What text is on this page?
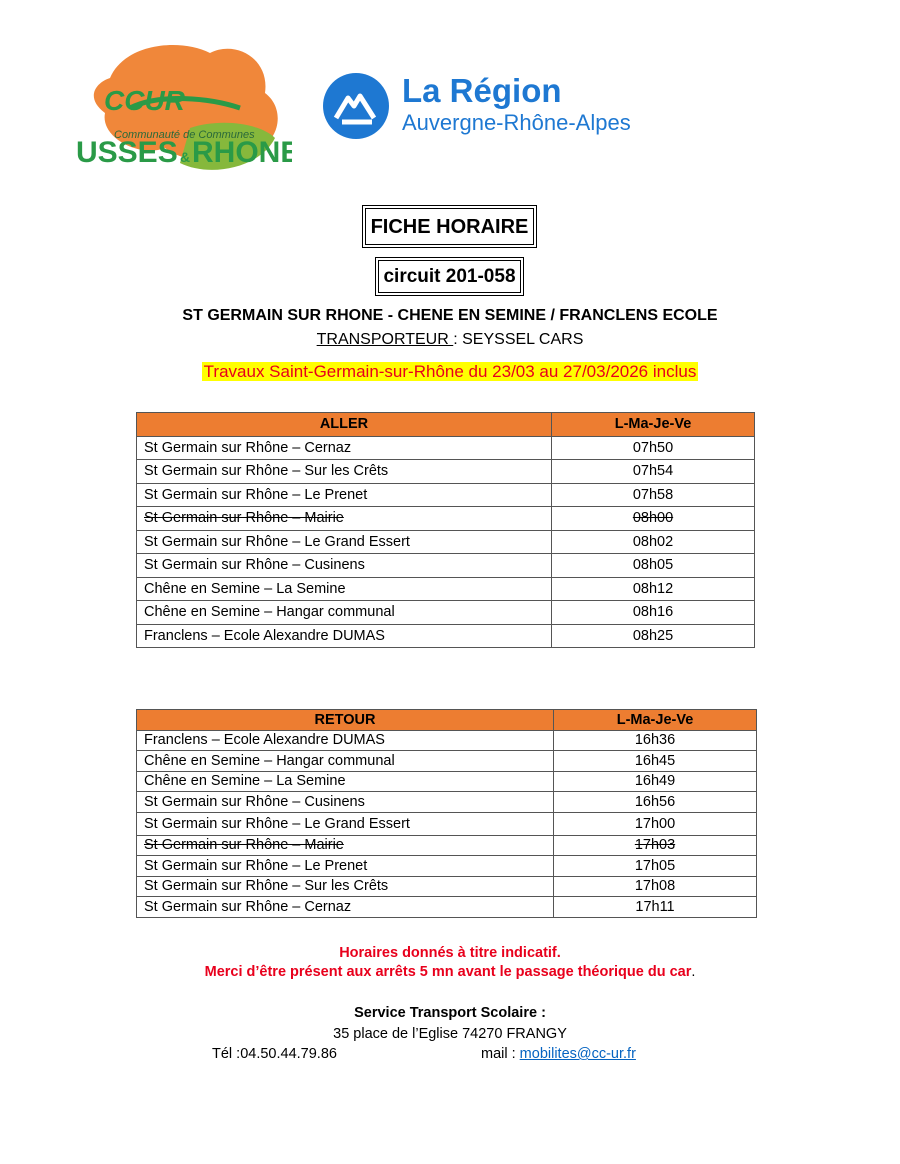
CCUR
Communauté de Communes
USSES & RHONE
La Région
Auvergne-Rhône-Alpes
FICHE HORAIRE
circuit 201-058
ST GERMAIN SUR RHONE - CHENE EN SEMINE / FRANCLENS ECOLE
TRANSPORTEUR : SEYSSEL CARS
Travaux Saint-Germain-sur-Rhône du 23/03 au 27/03/2026 inclus
ALLER	L-Ma-Je-Ve
St Germain sur Rhône – Cernaz	07h50
St Germain sur Rhône – Sur les Crêts	07h54
St Germain sur Rhône – Le Prenet	07h58
St Germain sur Rhône – Mairie	08h00
St Germain sur Rhône – Le Grand Essert	08h02
St Germain sur Rhône – Cusinens	08h05
Chêne en Semine – La Semine	08h12
Chêne en Semine – Hangar communal	08h16
Franclens – Ecole Alexandre DUMAS	08h25
RETOUR	L-Ma-Je-Ve
Franclens – Ecole Alexandre DUMAS	16h36
Chêne en Semine – Hangar communal	16h45
Chêne en Semine – La Semine	16h49
St Germain sur Rhône – Cusinens	16h56
St Germain sur Rhône – Le Grand Essert	17h00
St Germain sur Rhône – Mairie	17h03
St Germain sur Rhône – Le Prenet	17h05
St Germain sur Rhône – Sur les Crêts	17h08
St Germain sur Rhône – Cernaz	17h11
Horaires donnés à titre indicatif.
Merci d’être présent aux arrêts 5 mn avant le passage théorique du car.
Service Transport Scolaire :
35 place de l’Eglise 74270 FRANGY
Tél :04.50.44.79.86	mail : mobilites@cc-ur.fr
